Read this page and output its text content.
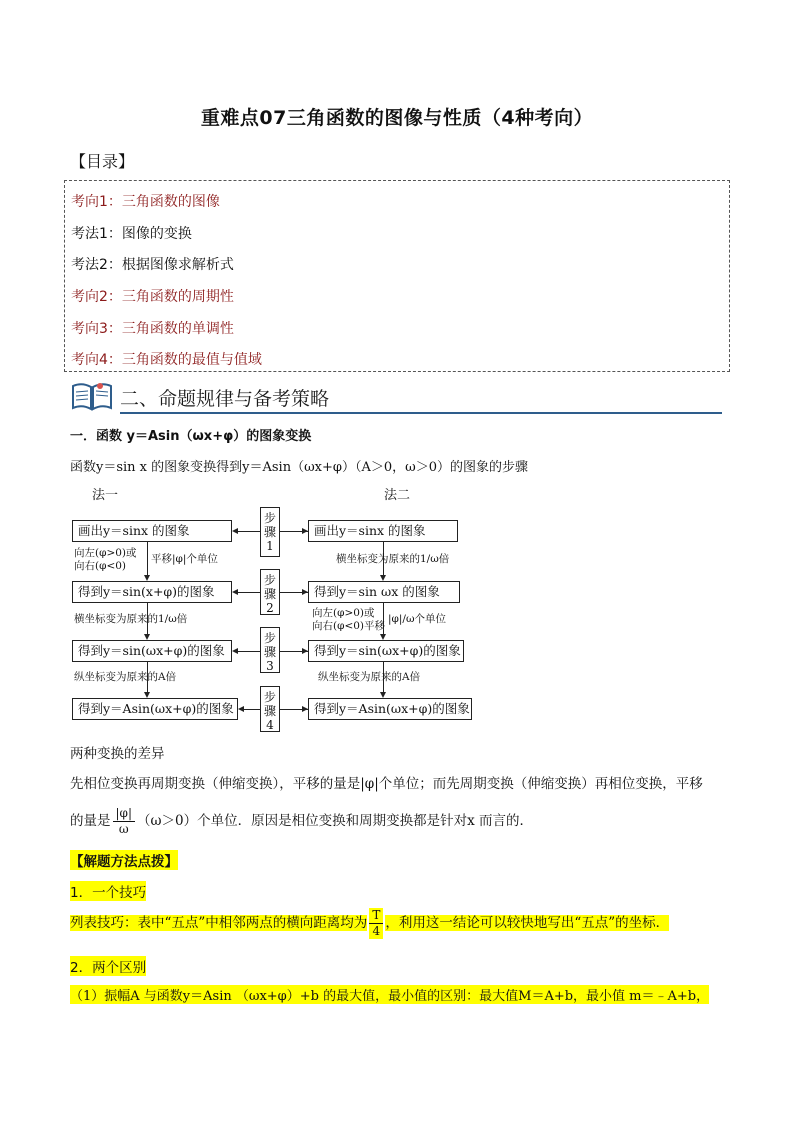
重难点07三角函数的图像与性质（4种考向）
【目录】
考向1：三角函数的图像
考法1：图像的变换
考法2：根据图像求解析式
考向2：三角函数的周期性
考向3：三角函数的单调性
考向4：三角函数的最值与值域
二、命题规律与备考策略
一．函数 y＝Asin（ωx+φ）的图象变换
函数y＝sin x 的图象变换得到y＝Asin（ωx+φ）（A＞0，ω＞0）的图象的步骤
法一	法二
画出y＝sinx 的图象
得到y＝sin(x+φ)的图象
得到y＝sin(ωx+φ)的图象
得到y＝Asin(ωx+φ)的图象
步骤1
步骤2
步骤3
步骤4
画出y＝sinx 的图象
得到y＝sin ωx 的图象
得到y＝sin(ωx+φ)的图象
得到y＝Asin(ωx+φ)的图象
向左(φ>0)或
向右(φ<0)
平移|φ|个单位
横坐标变为原来的1/ω倍
纵坐标变为原来的A倍
横坐标变为原来的1/ω倍
向左(φ>0)或
向右(φ<0)平移
|φ|/ω个单位
纵坐标变为原来的A倍
两种变换的差异
先相位变换再周期变换（伸缩变换），平移的量是|φ|个单位；而先周期变换（伸缩变换）再相位变换，平移
的量是 $\frac{|\varphi|}{\omega} (\omega>0)$个单位．原因是相位变换和周期变换都是针对x 而言的．
【解题方法点拨】
1．一个技巧
列表技巧：表中“五点”中相邻两点的横向距离均为 $\frac{T}{4}$ ，利用这一结论可以较快地写出“五点”的坐标．
2．两个区别
（1）振幅A 与函数y＝Asin （ωx+φ）+b 的最大值，最小值的区别：最大值M＝A+b，最小值 m＝﹣A+b，
